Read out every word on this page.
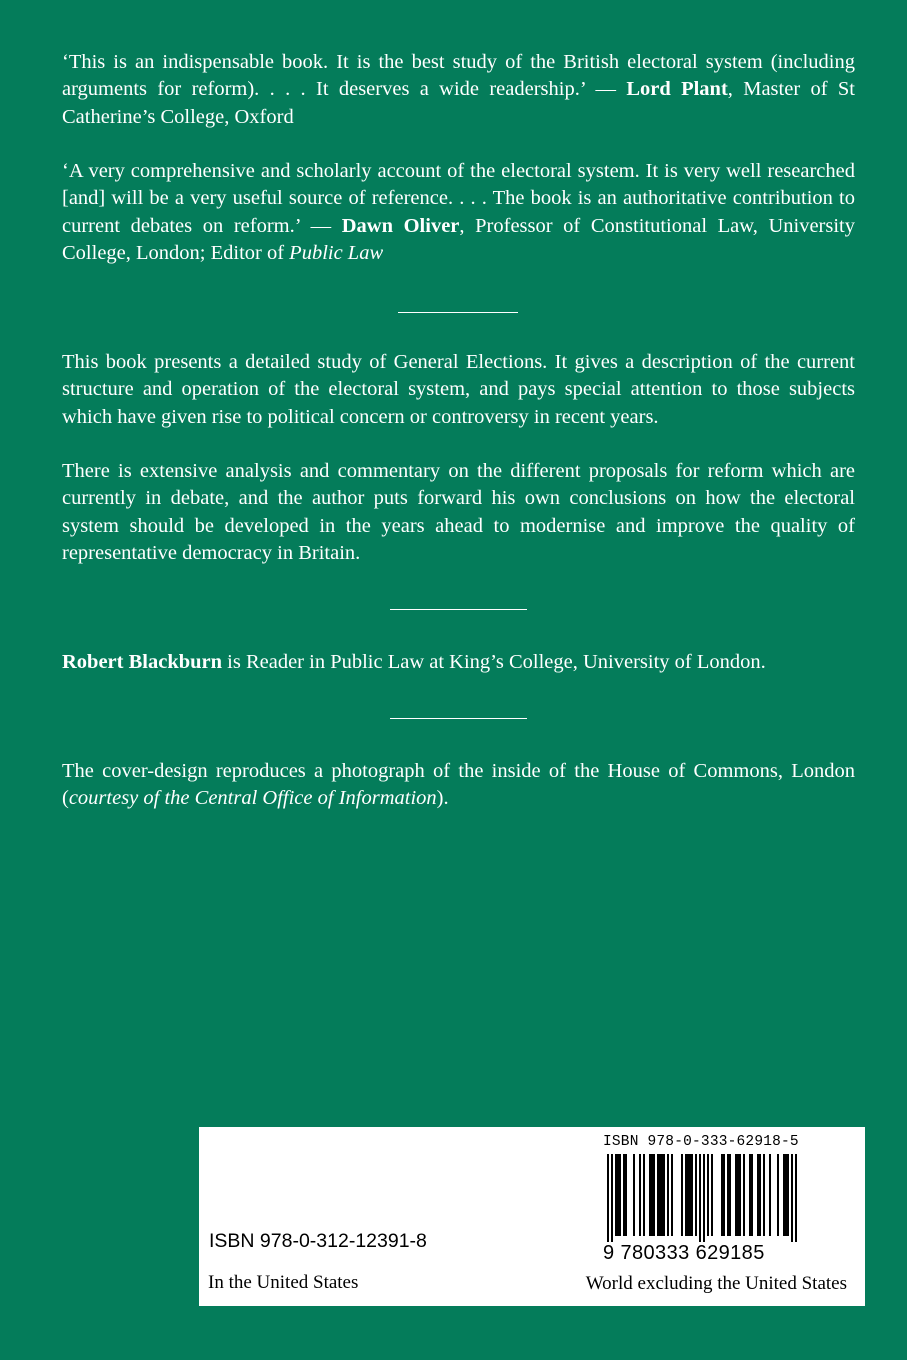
‘This is an indispensable book. It is the best study of the British electoral system (including arguments for reform). . . . It deserves a wide readership.’ — Lord Plant, Master of St Catherine’s College, Oxford

‘A very comprehensive and scholarly account of the electoral system. It is very well researched [and] will be a very useful source of reference. . . . The book is an authoritative contribution to current debates on reform.’ — Dawn Oliver, Professor of Constitutional Law, University College, London; Editor of Public Law

This book presents a detailed study of General Elections. It gives a description of the current structure and operation of the electoral system, and pays special attention to those subjects which have given rise to political concern or controversy in recent years.

There is extensive analysis and commentary on the different proposals for reform which are currently in debate, and the author puts forward his own conclusions on how the electoral system should be developed in the years ahead to modernise and improve the quality of representative democracy in Britain.

Robert Blackburn is Reader in Public Law at King’s College, University of London.

The cover-design reproduces a photograph of the inside of the House of Commons, London (courtesy of the Central Office of Information).

ISBN 978-0-312-12391-8
In the United States
ISBN 978-0-333-62918-5
9 780333 629185
World excluding the United States
